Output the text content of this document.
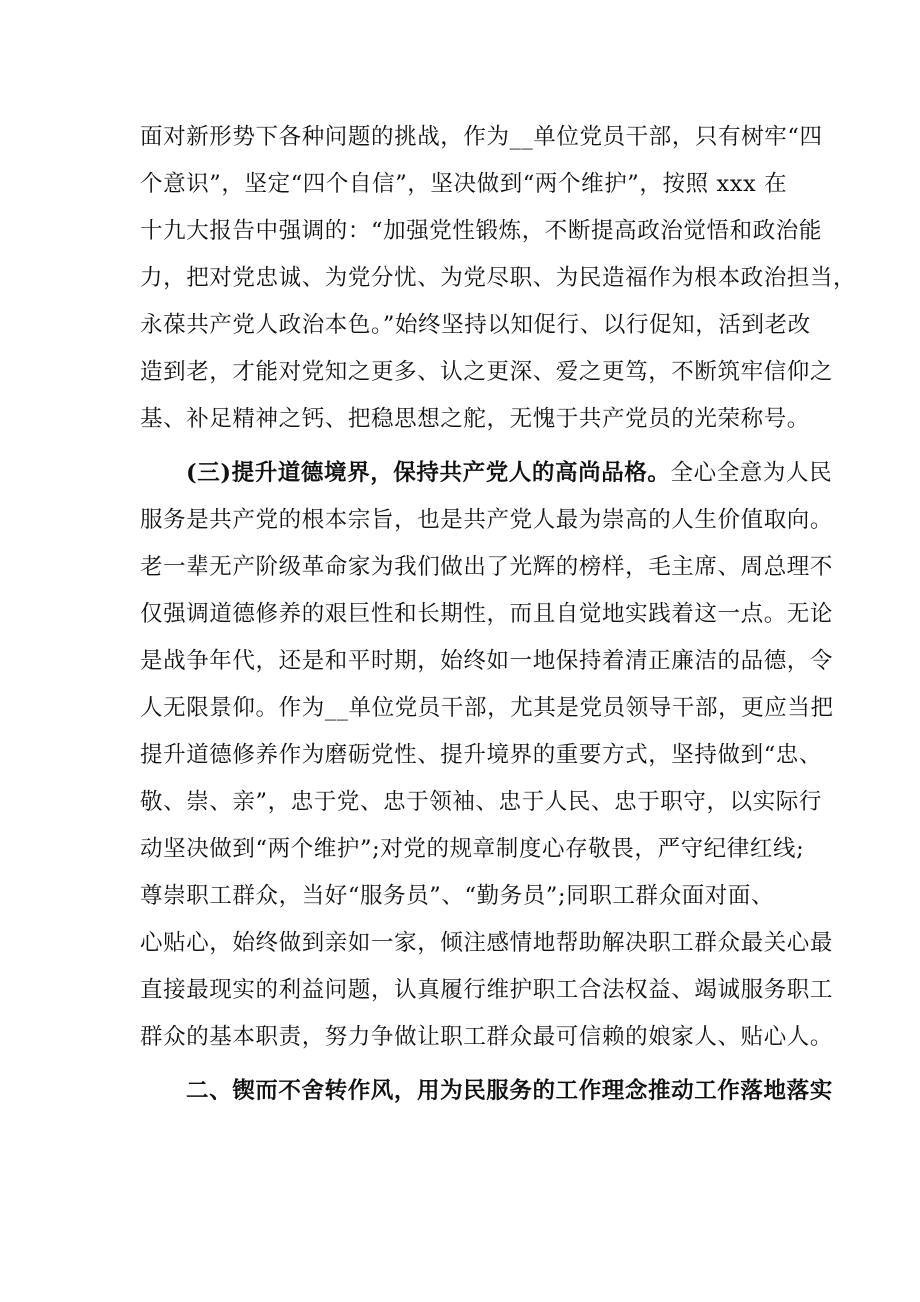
面对新形势下各种问题的挑战，作为__单位党员干部，只有树牢“四
个意识”，坚定“四个自信”，坚决做到“两个维护”，按照 xxx 在
十九大报告中强调的：“加强党性锻炼，不断提高政治觉悟和政治能
力，把对党忠诚、为党分忧、为党尽职、为民造福作为根本政治担当，
永葆共产党人政治本色。”始终坚持以知促行、以行促知，活到老改
造到老，才能对党知之更多、认之更深、爱之更笃，不断筑牢信仰之
基、补足精神之钙、把稳思想之舵，无愧于共产党员的光荣称号。
(三)提升道德境界，保持共产党人的高尚品格。全心全意为人民
服务是共产党的根本宗旨，也是共产党人最为崇高的人生价值取向。
老一辈无产阶级革命家为我们做出了光辉的榜样，毛主席、周总理不
仅强调道德修养的艰巨性和长期性，而且自觉地实践着这一点。无论
是战争年代，还是和平时期，始终如一地保持着清正廉洁的品德，令
人无限景仰。作为__单位党员干部，尤其是党员领导干部，更应当把
提升道德修养作为磨砺党性、提升境界的重要方式，坚持做到“忠、
敬、崇、亲”，忠于党、忠于领袖、忠于人民、忠于职守，以实际行
动坚决做到“两个维护”;对党的规章制度心存敬畏，严守纪律红线;
尊崇职工群众，当好“服务员”、“勤务员”;同职工群众面对面、
心贴心，始终做到亲如一家，倾注感情地帮助解决职工群众最关心最
直接最现实的利益问题，认真履行维护职工合法权益、竭诚服务职工
群众的基本职责，努力争做让职工群众最可信赖的娘家人、贴心人。
二、锲而不舍转作风，用为民服务的工作理念推动工作落地落实
